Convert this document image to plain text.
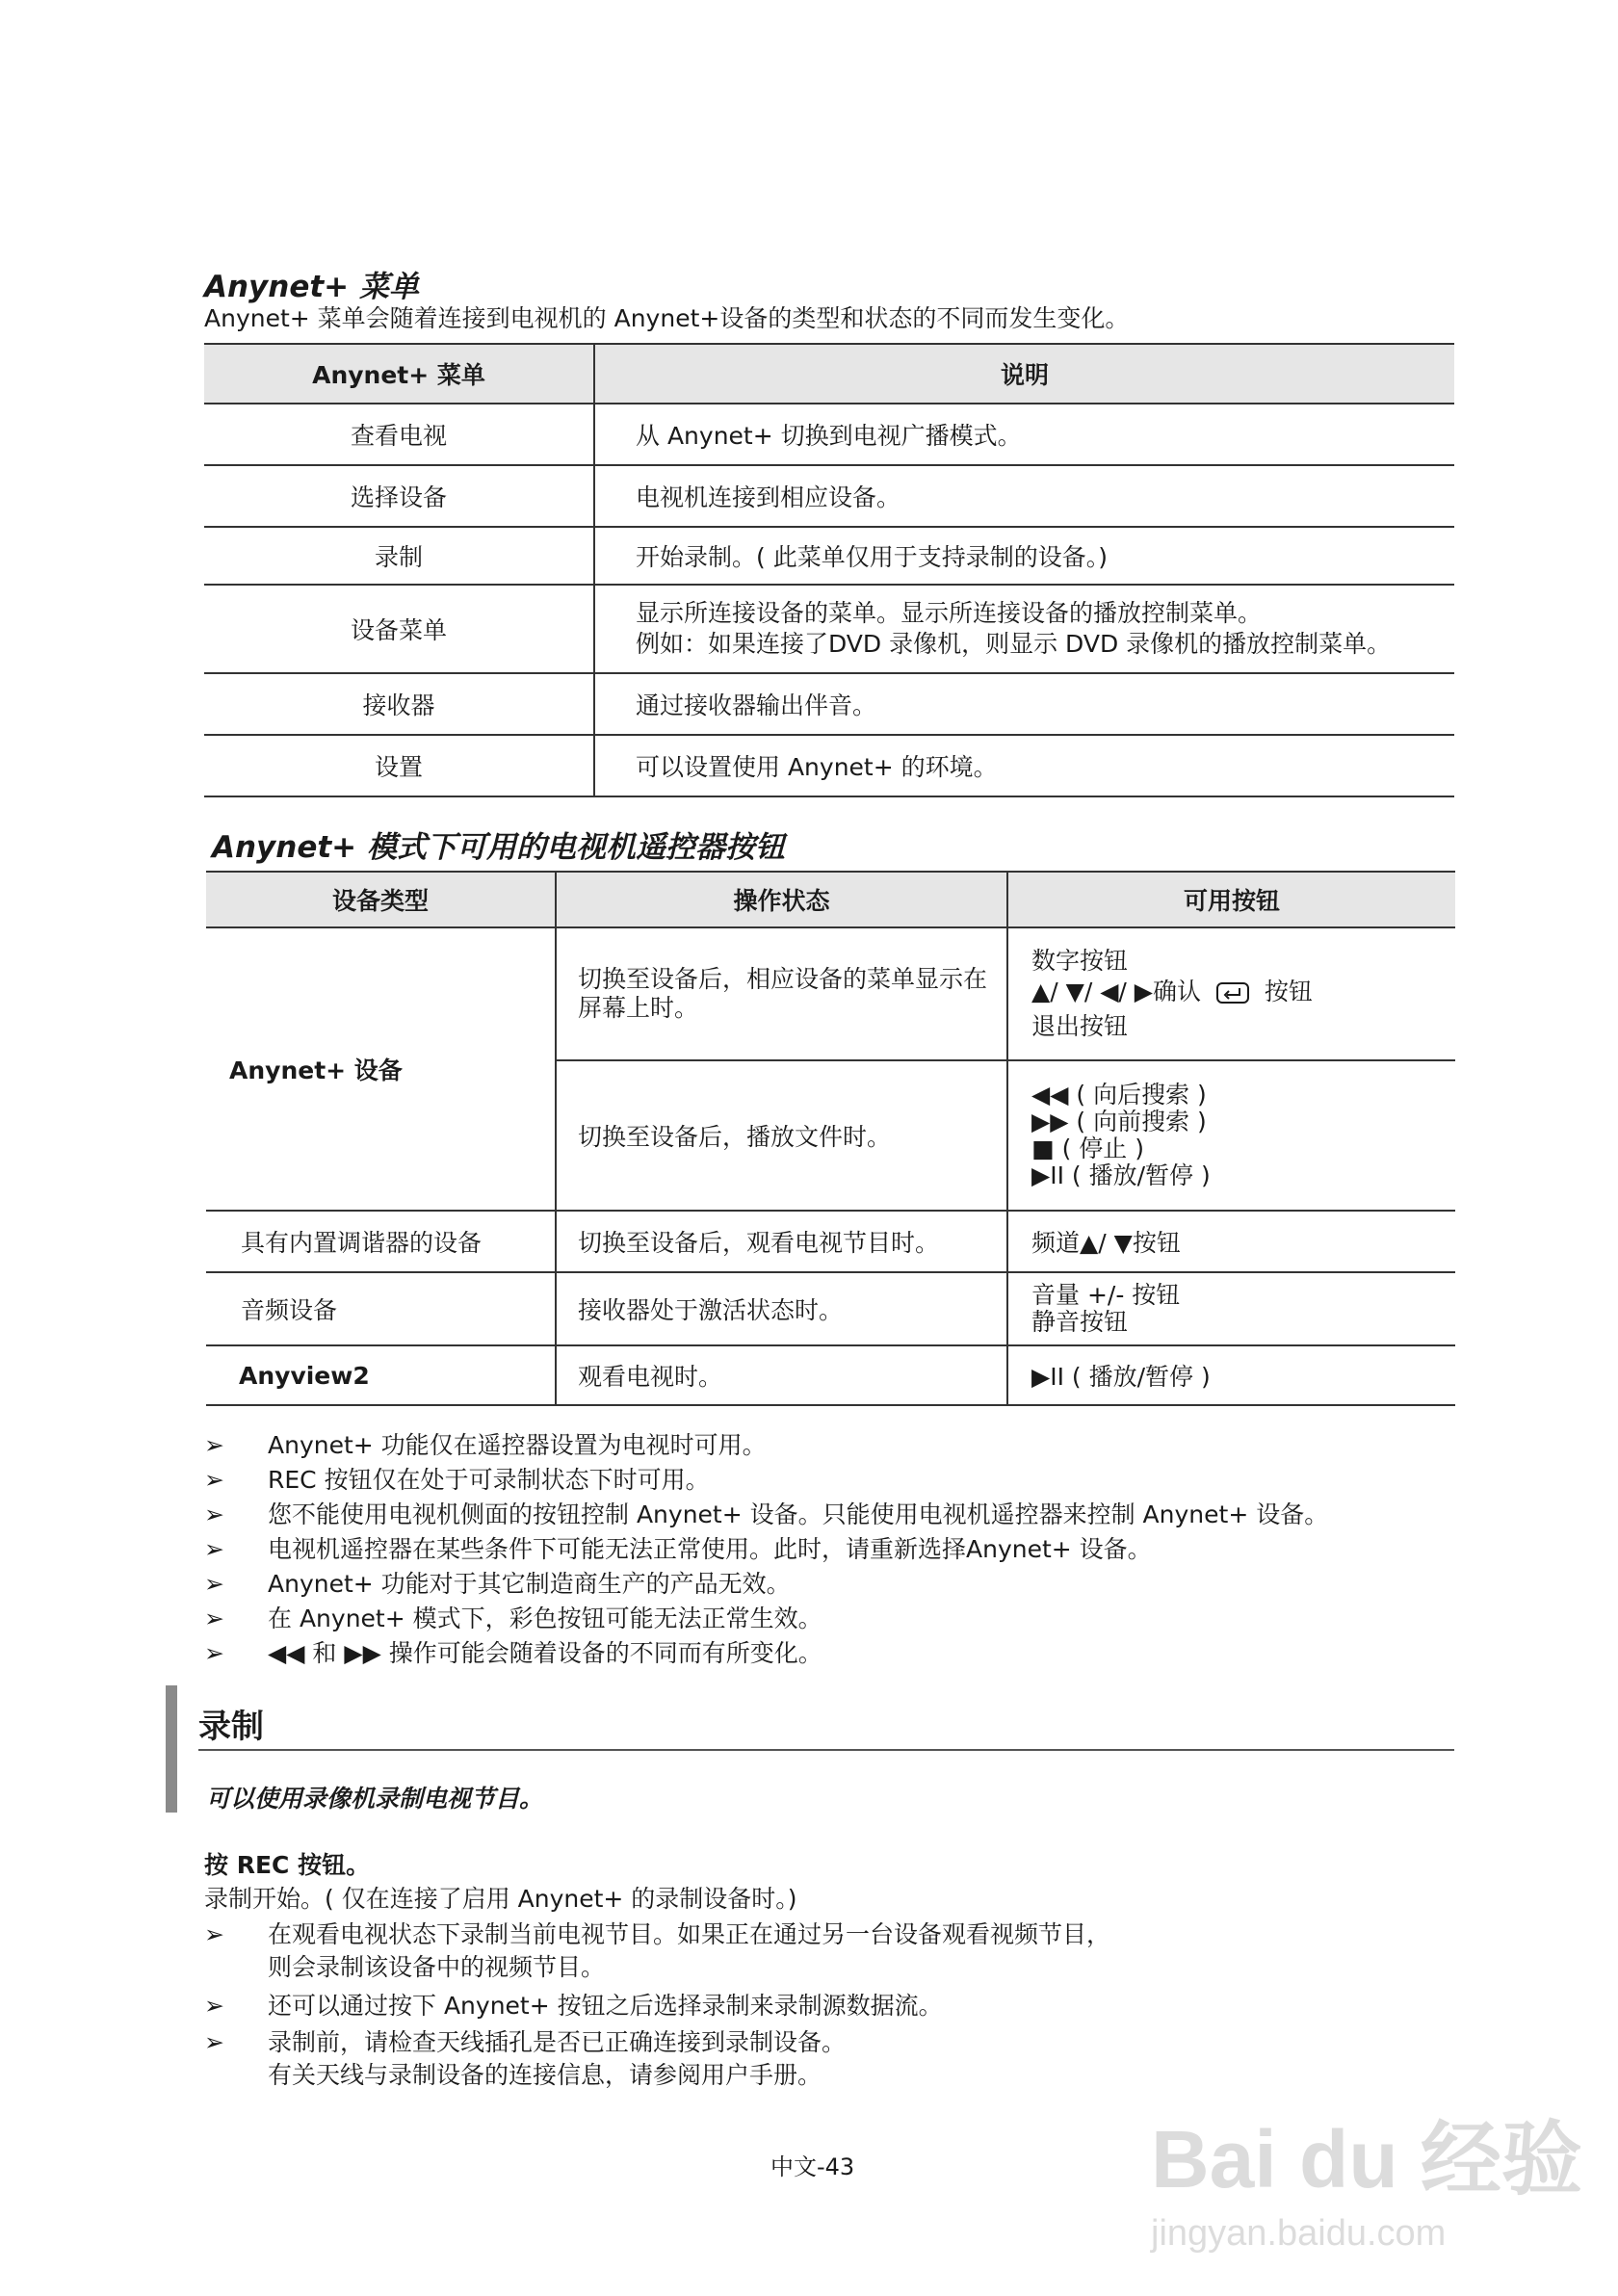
Anynet+ 菜单
Anynet+ 菜单会随着连接到电视机的 Anynet+设备的类型和状态的不同而发生变化。
Anynet+ 菜单	说明
查看电视	从 Anynet+ 切换到电视广播模式。
选择设备	电视机连接到相应设备。
录制	开始录制。( 此菜单仅用于支持录制的设备。)
设备菜单	显示所连接设备的菜单。显示所连接设备的播放控制菜单。
例如：如果连接了DVD 录像机，则显示 DVD 录像机的播放控制菜单。

接收器	通过接收器输出伴音。
设置	可以设置使用 Anynet+ 的环境。
Anynet+ 模式下可用的电视机遥控器按钮
设备类型	操作状态	可用按钮
Anynet+ 设备	切换至设备后，相应设备的菜单显示在屏幕上时。	数字按钮
▲/ ▼/ ◀/ ▶确认 按钮
退出按钮

	切换至设备后，播放文件时。	◀◀ ( 向后搜索 )
▶▶ ( 向前搜索 )
■ ( 停止 )
▶II ( 播放/暂停 )

具有内置调谐器的设备	切换至设备后，观看电视节目时。	频道▲/ ▼按钮
音频设备	接收器处于激活状态时。	音量 +/- 按钮
静音按钮

Anyview2	观看电视时。	▶II ( 播放/暂停 )
➢ Anynet+ 功能仅在遥控器设置为电视时可用。
➢ REC 按钮仅在处于可录制状态下时可用。
➢ 您不能使用电视机侧面的按钮控制 Anynet+ 设备。只能使用电视机遥控器来控制 Anynet+ 设备。
➢ 电视机遥控器在某些条件下可能无法正常使用。此时，请重新选择Anynet+ 设备。
➢ Anynet+ 功能对于其它制造商生产的产品无效。
➢ 在 Anynet+ 模式下，彩色按钮可能无法正常生效。
➢ ◀◀ 和 ▶▶ 操作可能会随着设备的不同而有所变化。
录制
可以使用录像机录制电视节目。
按 REC 按钮。
录制开始。( 仅在连接了启用 Anynet+ 的录制设备时。)
➢ 在观看电视状态下录制当前电视节目。如果正在通过另一台设备观看视频节目，
则会录制该设备中的视频节目。
➢ 还可以通过按下 Anynet+ 按钮之后选择录制来录制源数据流。
➢ 录制前，请检查天线插孔是否已正确连接到录制设备。
有关天线与录制设备的连接信息，请参阅用户手册。
中文-43	Bai du 经验
jingyan.baidu.com
